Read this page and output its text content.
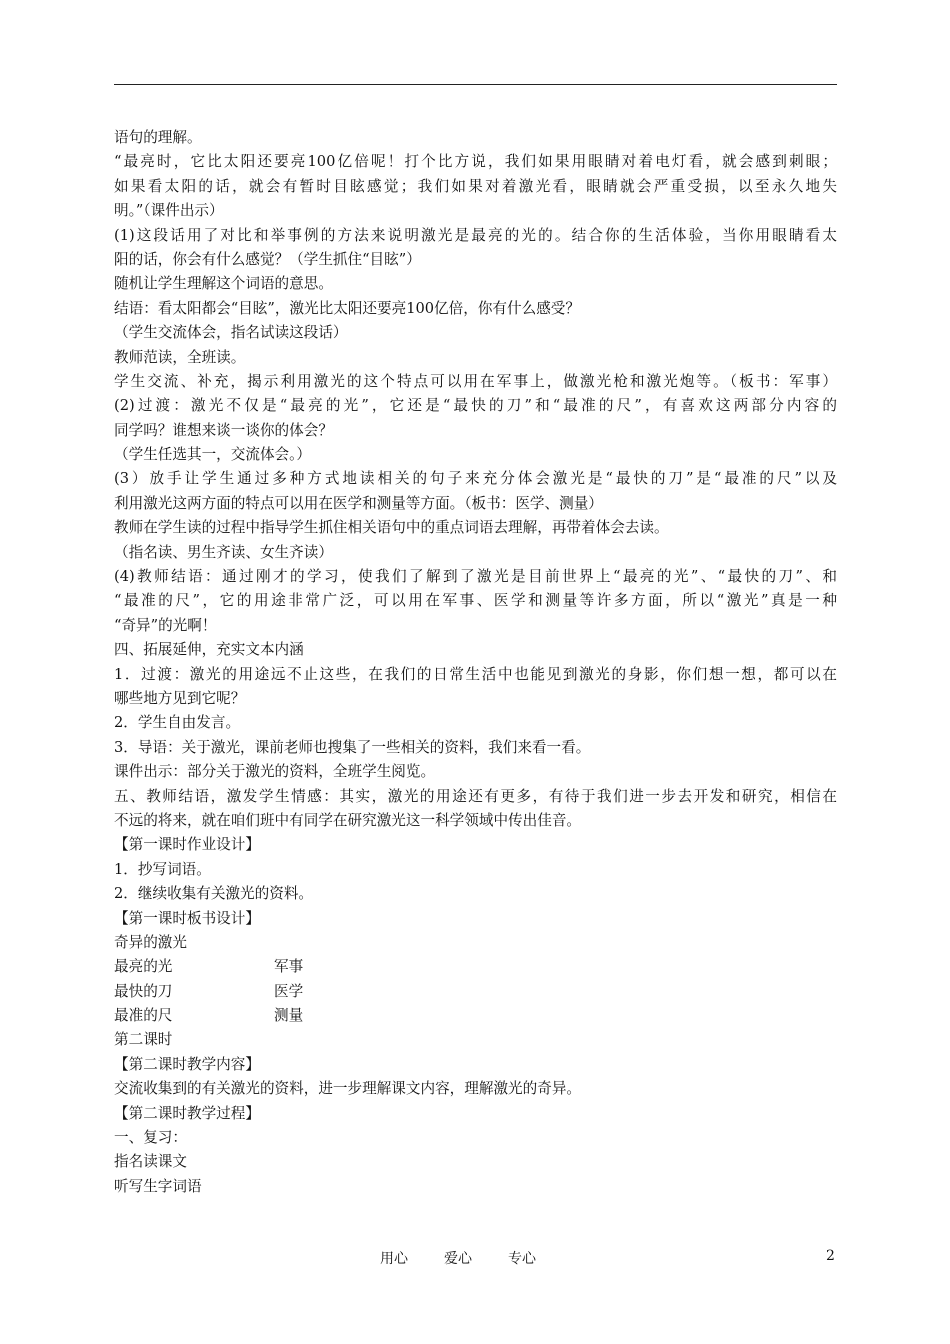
语句的理解。
“最亮时，它比太阳还要亮100亿倍呢！打个比方说，我们如果用眼睛对着电灯看，就会感到刺眼；
如果看太阳的话，就会有暂时目眩感觉；我们如果对着激光看，眼睛就会严重受损，以至永久地失
明。”（课件出示）
(1)这段话用了对比和举事例的方法来说明激光是最亮的光的。结合你的生活体验，当你用眼睛看太
阳的话，你会有什么感觉？（学生抓住“目眩”）
随机让学生理解这个词语的意思。
结语：看太阳都会“目眩”，激光比太阳还要亮100亿倍，你有什么感受？
（学生交流体会，指名试读这段话）
教师范读，全班读。
学生交流、补充，揭示利用激光的这个特点可以用在军事上，做激光枪和激光炮等。（板书：军事）
(2)过渡：激光不仅是“最亮的光”，它还是“最快的刀”和“最准的尺”，有喜欢这两部分内容的
同学吗？谁想来谈一谈你的体会？
（学生任选其一，交流体会。）
(3）放手让学生通过多种方式地读相关的句子来充分体会激光是“最快的刀”是“最准的尺”以及
利用激光这两方面的特点可以用在医学和测量等方面。（板书：医学、测量）
教师在学生读的过程中指导学生抓住相关语句中的重点词语去理解，再带着体会去读。
（指名读、男生齐读、女生齐读）
(4)教师结语：通过刚才的学习，使我们了解到了激光是目前世界上“最亮的光”、“最快的刀”、和
“最准的尺”，它的用途非常广泛，可以用在军事、医学和测量等许多方面，所以“激光”真是一种
“奇异”的光啊！
四、拓展延伸，充实文本内涵
1．过渡：激光的用途远不止这些，在我们的日常生活中也能见到激光的身影，你们想一想，都可以在
哪些地方见到它呢？
2．学生自由发言。
3．导语：关于激光，课前老师也搜集了一些相关的资料，我们来看一看。
课件出示：部分关于激光的资料，全班学生阅览。
五、教师结语，激发学生情感：其实，激光的用途还有更多，有待于我们进一步去开发和研究，相信在
不远的将来，就在咱们班中有同学在研究激光这一科学领域中传出佳音。
【第一课时作业设计】
1．抄写词语。
2．继续收集有关激光的资料。
【第一课时板书设计】
奇异的激光
最亮的光	军事
最快的刀	医学
最准的尺	测量
第二课时
【第二课时教学内容】
交流收集到的有关激光的资料，进一步理解课文内容，理解激光的奇异。
【第二课时教学过程】
一、复习：
指名读课文
听写生字词语
用心	爱心	专心	2
